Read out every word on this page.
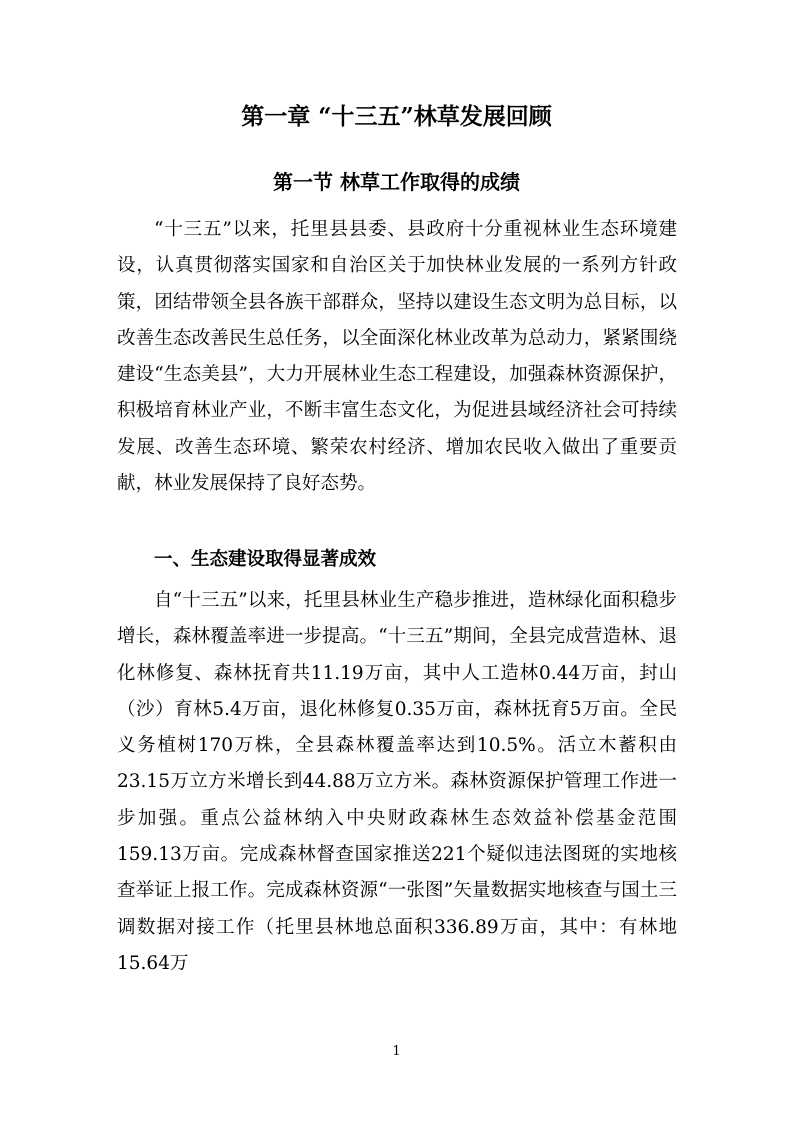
第一章 “十三五”林草发展回顾
第一节 林草工作取得的成绩

“十三五”以来，托里县县委、县政府十分重视林业生态环境建设，认真贯彻落实国家和自治区关于加快林业发展的一系列方针政策，团结带领全县各族干部群众，坚持以建设生态文明为总目标，以改善生态改善民生总任务，以全面深化林业改革为总动力，紧紧围绕建设“生态美县”，大力开展林业生态工程建设，加强森林资源保护，积极培育林业产业，不断丰富生态文化，为促进县域经济社会可持续发展、改善生态环境、繁荣农村经济、增加农民收入做出了重要贡献，林业发展保持了良好态势。

一、生态建设取得显著成效

自“十三五”以来，托里县林业生产稳步推进，造林绿化面积稳步增长，森林覆盖率进一步提高。“十三五”期间，全县完成营造林、退化林修复、森林抚育共11.19万亩，其中人工造林0.44万亩，封山（沙）育林5.4万亩，退化林修复0.35万亩，森林抚育5万亩。全民义务植树170万株，全县森林覆盖率达到10.5%。活立木蓄积由23.15万立方米增长到44.88万立方米。森林资源保护管理工作进一步加强。重点公益林纳入中央财政森林生态效益补偿基金范围159.13万亩。完成森林督查国家推送221个疑似违法图斑的实地核查举证上报工作。完成森林资源“一张图”矢量数据实地核查与国土三调数据对接工作（托里县林地总面积336.89万亩，其中：有林地15.64万

1
